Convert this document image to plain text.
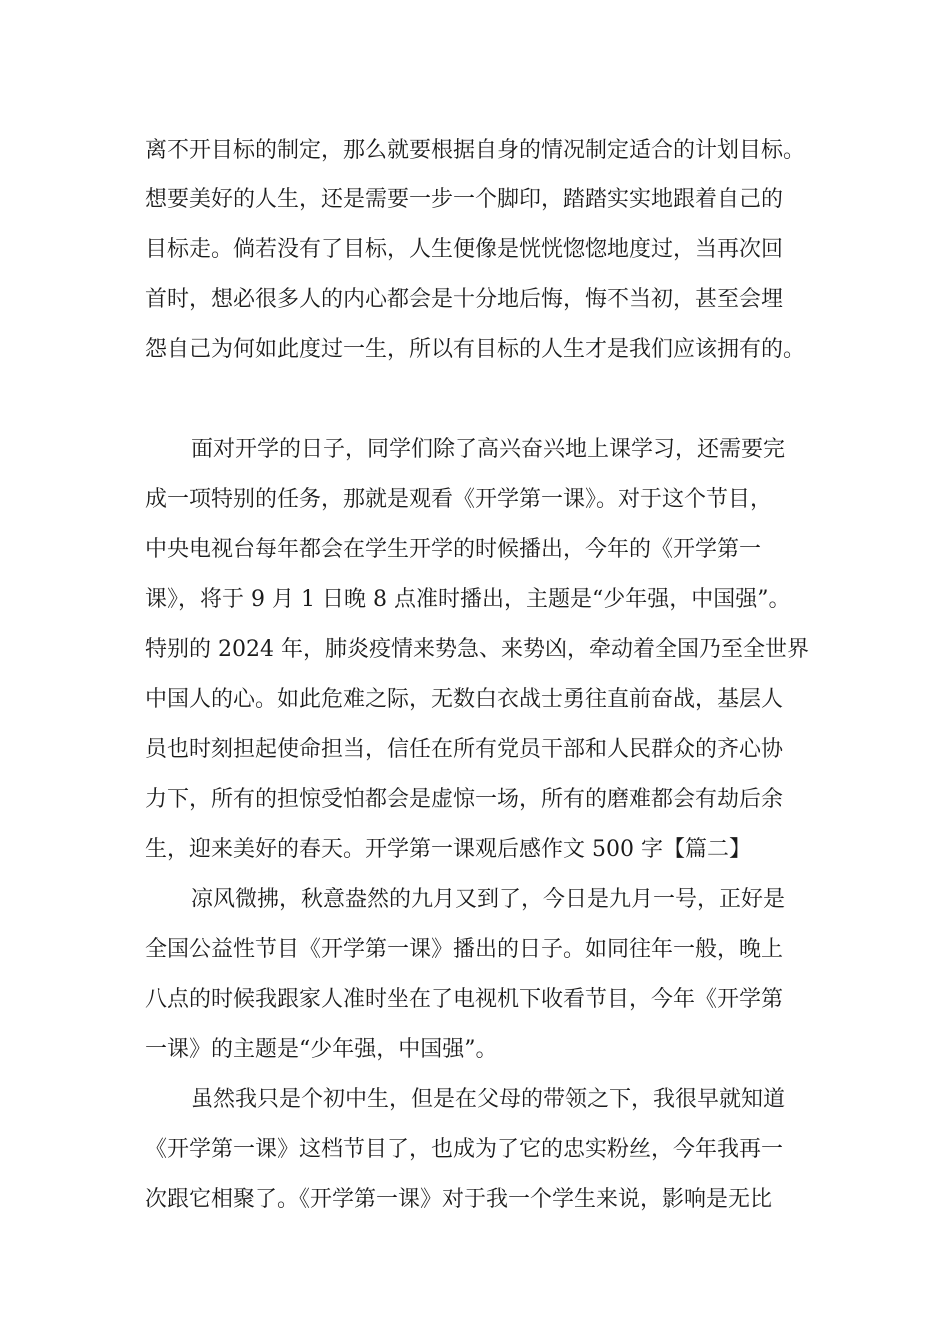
离不开目标的制定，那么就要根据自身的情况制定适合的计划目标。

想要美好的人生，还是需要一步一个脚印，踏踏实实地跟着自己的

目标走。倘若没有了目标，人生便像是恍恍惚惚地度过，当再次回

首时，想必很多人的内心都会是十分地后悔，悔不当初，甚至会埋

怨自己为何如此度过一生，所以有目标的人生才是我们应该拥有的。

面对开学的日子，同学们除了高兴奋兴地上课学习，还需要完

成一项特别的任务，那就是观看《开学第一课》。对于这个节目，

中央电视台每年都会在学生开学的时候播出，今年的《开学第一

课》，将于 9 月 1 日晚 8 点准时播出，主题是“少年强，中国强”。

特别的 2024 年，肺炎疫情来势急、来势凶，牵动着全国乃至全世界

中国人的心。如此危难之际，无数白衣战士勇往直前奋战，基层人

员也时刻担起使命担当，信任在所有党员干部和人民群众的齐心协

力下，所有的担惊受怕都会是虚惊一场，所有的磨难都会有劫后余

生，迎来美好的春天。开学第一课观后感作文 500 字【篇二】

凉风微拂，秋意盎然的九月又到了，今日是九月一号，正好是

全国公益性节目《开学第一课》播出的日子。如同往年一般，晚上

八点的时候我跟家人准时坐在了电视机下收看节目，今年《开学第

一课》的主题是“少年强，中国强”。

虽然我只是个初中生，但是在父母的带领之下，我很早就知道

《开学第一课》这档节目了，也成为了它的忠实粉丝，今年我再一

次跟它相聚了。《开学第一课》对于我一个学生来说，影响是无比
